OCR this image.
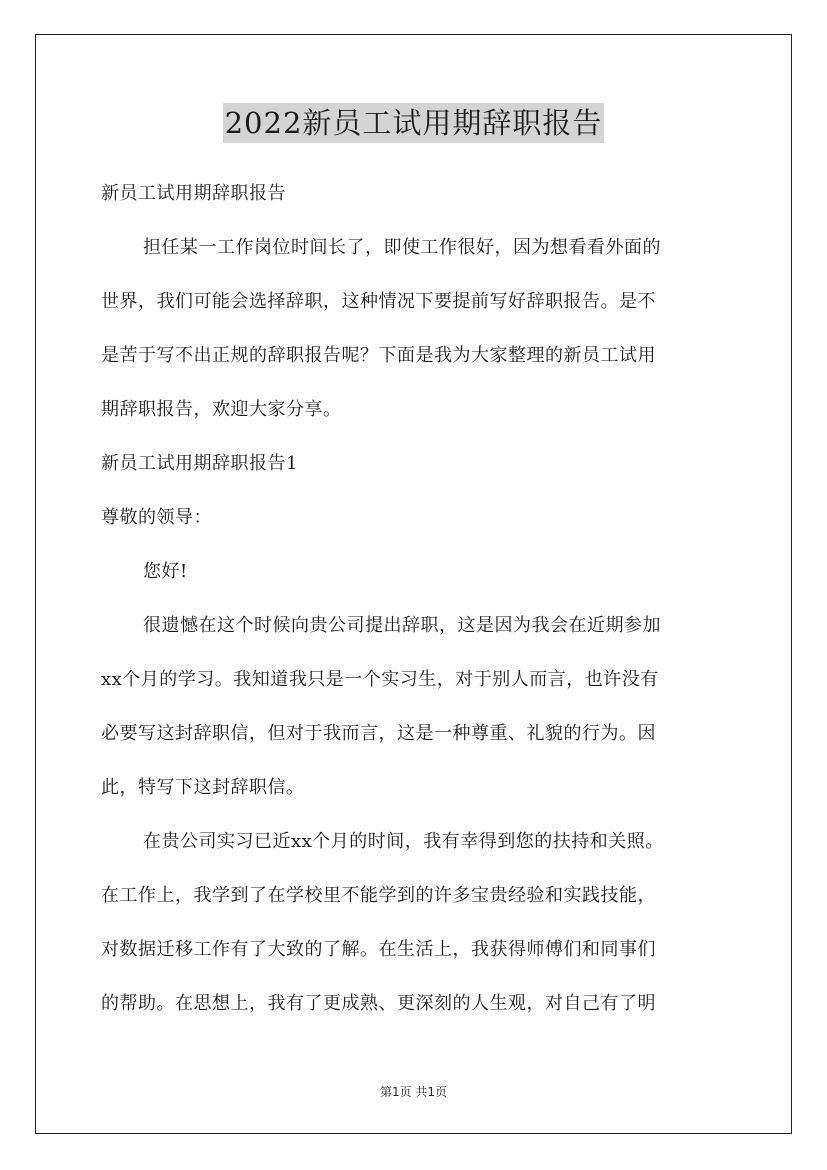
2022新员工试用期辞职报告
新员工试用期辞职报告
担任某一工作岗位时间长了，即使工作很好，因为想看看外面的
世界，我们可能会选择辞职，这种情况下要提前写好辞职报告。是不
是苦于写不出正规的辞职报告呢？下面是我为大家整理的新员工试用
期辞职报告，欢迎大家分享。
新员工试用期辞职报告1
尊敬的领导：
您好!
很遗憾在这个时候向贵公司提出辞职，这是因为我会在近期参加
xx个月的学习。我知道我只是一个实习生，对于别人而言，也许没有
必要写这封辞职信，但对于我而言，这是一种尊重、礼貌的行为。因
此，特写下这封辞职信。
在贵公司实习已近xx个月的时间，我有幸得到您的扶持和关照。
在工作上，我学到了在学校里不能学到的许多宝贵经验和实践技能，
对数据迁移工作有了大致的了解。在生活上，我获得师傅们和同事们
的帮助。在思想上，我有了更成熟、更深刻的人生观，对自己有了明
第1页 共1页
